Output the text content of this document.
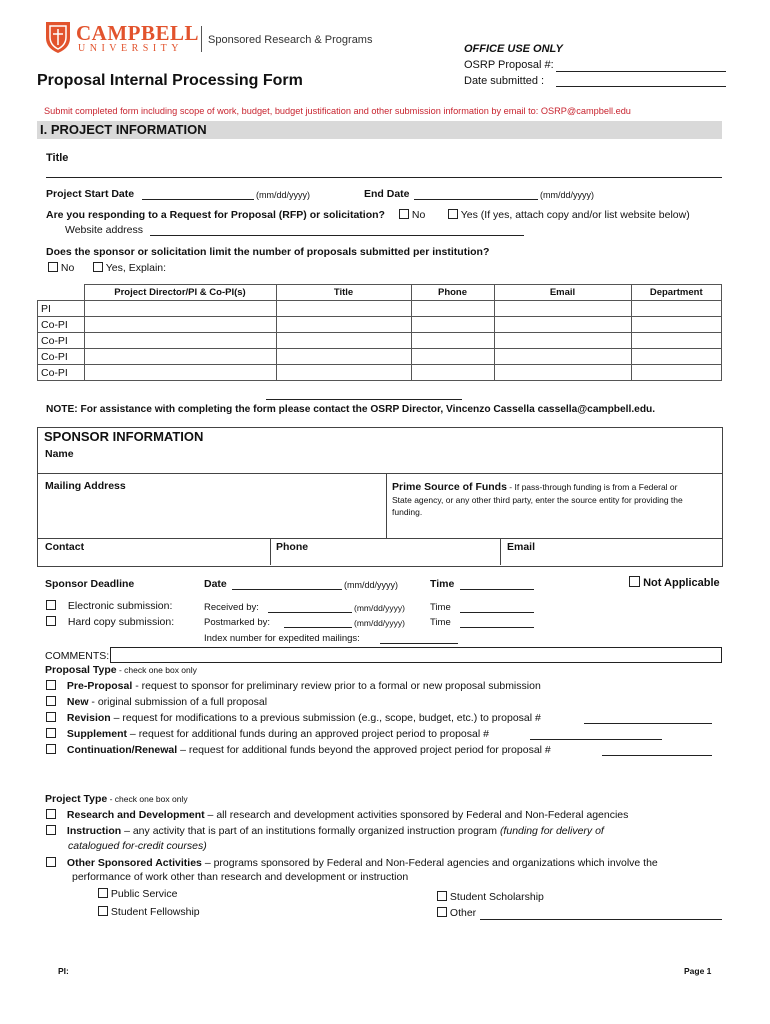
CAMPBELL
UNIVERSITY
Sponsored Research & Programs
OFFICE USE ONLY
OSRP Proposal #:
Date submitted :
Proposal Internal Processing Form
Submit completed form including scope of work, budget, budget justification and other submission information by email to: OSRP@campbell.edu
I. PROJECT INFORMATION
Title
Project Start Date	(mm/dd/yyyy)	End Date	(mm/dd/yyyy)
Are you responding to a Request for Proposal (RFP) or solicitation?	No	Yes (If yes, attach copy and/or list website below)
Website address
Does the sponsor or solicitation limit the number of proposals submitted per institution?
No	Yes, Explain:
	Project Director/PI & Co-PI(s)	Title	Phone	Email	Department
PI					
Co-PI					
Co-PI					
Co-PI					
Co-PI					
NOTE: For assistance with completing the form please contact the OSRP Director, Vincenzo Cassella cassella@campbell.edu.
SPONSOR INFORMATION
Name
Mailing Address	Prime Source of Funds - If pass-through funding is from a Federal or
State agency, or any other third party, enter the source entity for providing the
funding.
Contact	Phone	Email
Sponsor Deadline	Date	(mm/dd/yyyy)	Time	Not Applicable
Electronic submission:
Hard copy submission:
Received by:	(mm/dd/yyyy)	Time
Postmarked by:	(mm/dd/yyyy)	Time
Index number for expedited mailings:
COMMENTS:
Proposal Type - check one box only
Pre-Proposal - request to sponsor for preliminary review prior to a formal or new proposal submission
New - original submission of a full proposal
Revision – request for modifications to a previous submission (e.g., scope, budget, etc.) to proposal #
Supplement – request for additional funds during an approved project period to proposal #
Continuation/Renewal – request for additional funds beyond the approved project period for proposal #
Project Type - check one box only
Research and Development – all research and development activities sponsored by Federal and Non-Federal agencies
Instruction – any activity that is part of an institutions formally organized instruction program (funding for delivery of
catalogued for-credit courses)
Other Sponsored Activities – programs sponsored by Federal and Non-Federal agencies and organizations which involve the
performance of work other than research and development or instruction
Public Service
Student Fellowship
Student Scholarship
Other
PI:	Page 1
